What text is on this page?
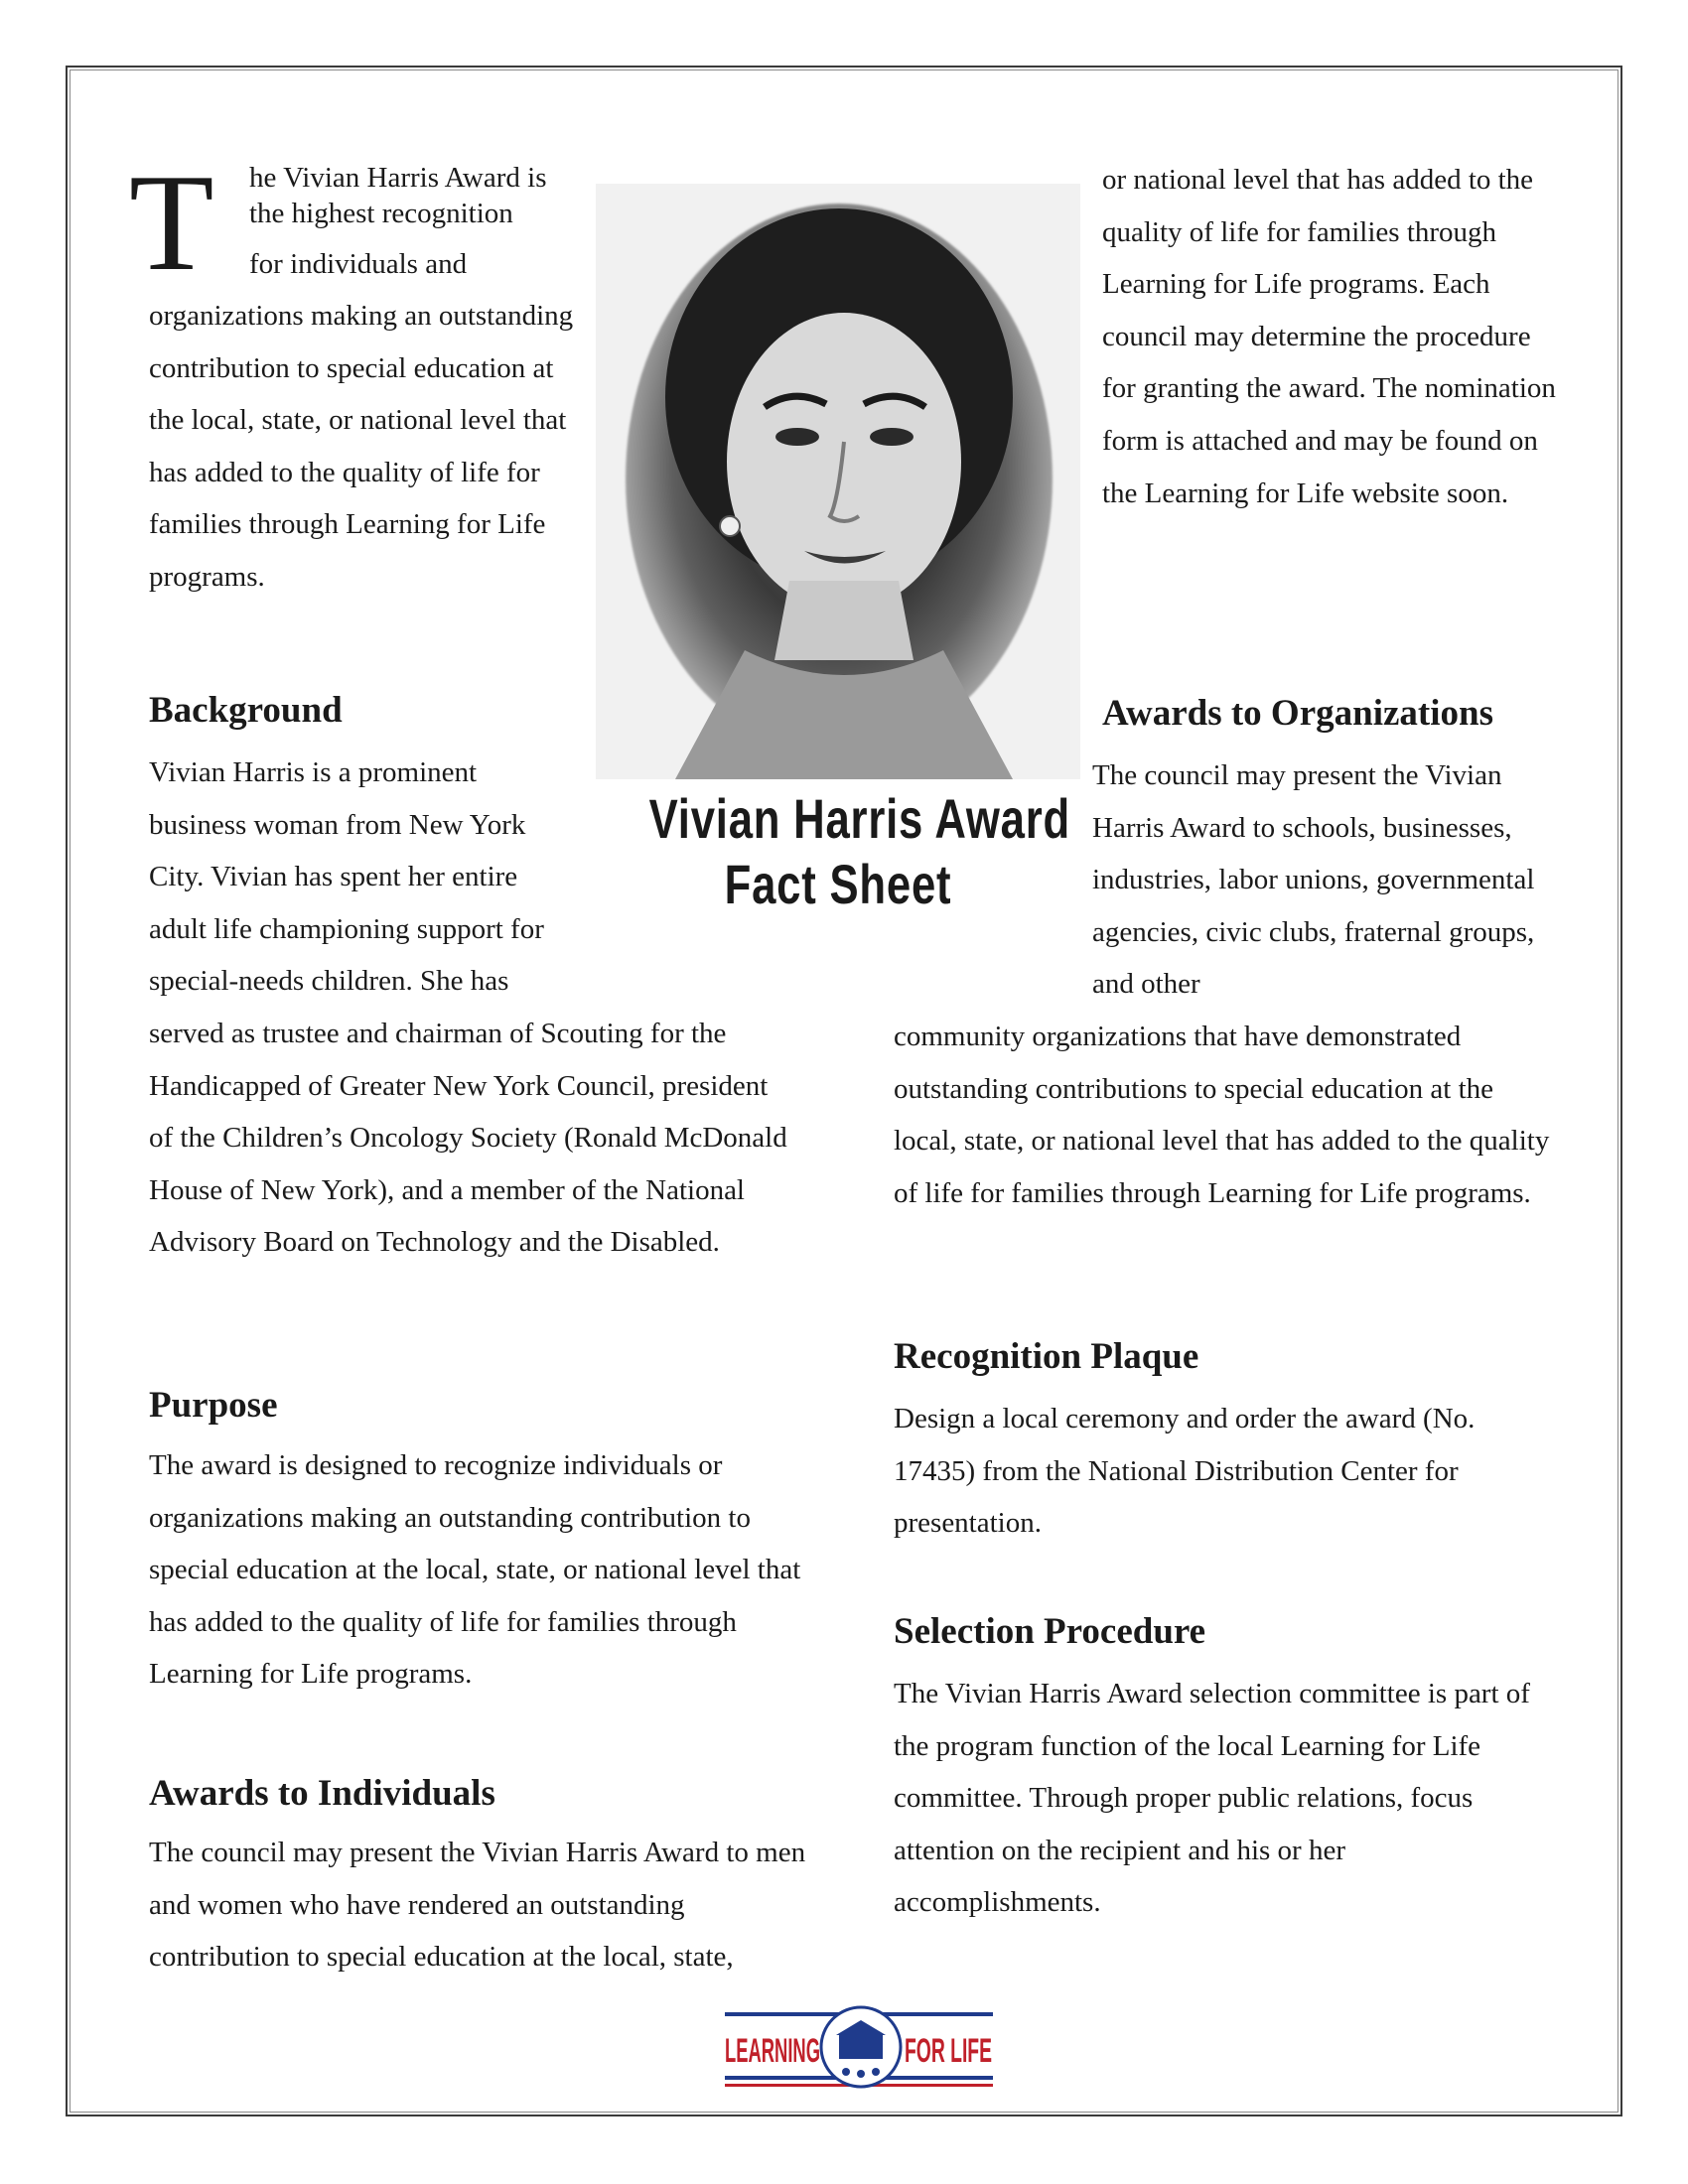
T he Vivian Harris Award is

the highest recognition

for individuals and

organizations making an outstanding contribution to special education at the local, state, or national level that has added to the quality of life for families through Learning for Life programs.

or national level that has added to the quality of life for families through Learning for Life programs. Each council may determine the procedure for granting the award. The nomination form is attached and may be found on the Learning for Life website soon.

Vivian Harris Award
Fact Sheet
Background

Vivian Harris is a prominent business woman from New York City. Vivian has spent her entire adult life championing support for special-needs children. She has

served as trustee and chairman of Scouting for the Handicapped of Greater New York Council, president of the Children’s Oncology Society (Ronald McDonald House of New York), and a member of the National Advisory Board on Technology and the Disabled.

Purpose

The award is designed to recognize individuals or organizations making an outstanding contribution to special education at the local, state, or national level that has added to the quality of life for families through Learning for Life programs.

Awards to Individuals

The council may present the Vivian Harris Award to men and women who have rendered an outstanding contribution to special education at the local, state,

Awards to Organizations

The council may present the Vivian Harris Award to schools, businesses, industries, labor unions, governmental agencies, civic clubs, fraternal groups, and other

community organizations that have demonstrated outstanding contributions to special education at the local, state, or national level that has added to the quality of life for families through Learning for Life programs.

Recognition Plaque

Design a local ceremony and order the award (No. 17435) from the National Distribution Center for presentation.

Selection Procedure

The Vivian Harris Award selection committee is part of the program function of the local Learning for Life committee. Through proper public relations, focus attention on the recipient and his or her accomplishments.

LEARNING	FOR LIFE
